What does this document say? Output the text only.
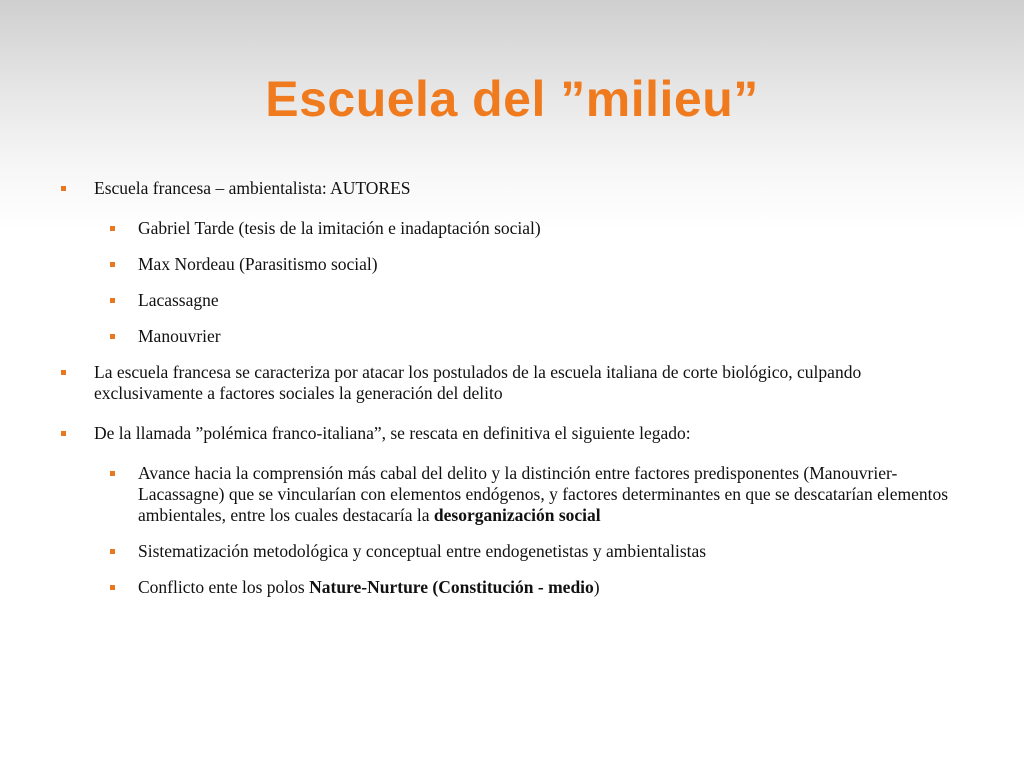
Escuela del ”milieu”
Escuela francesa – ambientalista: AUTORES
Gabriel Tarde (tesis de la imitación e inadaptación social)
Max Nordeau (Parasitismo social)
Lacassagne
Manouvrier
La escuela francesa se caracteriza por atacar los postulados de la escuela italiana de corte biológico, culpando exclusivamente a factores sociales la generación del delito
De la llamada ”polémica franco-italiana”, se rescata en definitiva el siguiente legado:
Avance hacia la comprensión más cabal del delito y la distinción entre factores predisponentes (Manouvrier-Lacassagne) que se vincularían con elementos endógenos, y factores determinantes en que se descatarían elementos ambientales, entre los cuales destacaría la desorganización social
Sistematización metodológica y conceptual entre endogenetistas y ambientalistas
Conflicto ente los polos Nature-Nurture (Constitución - medio)
